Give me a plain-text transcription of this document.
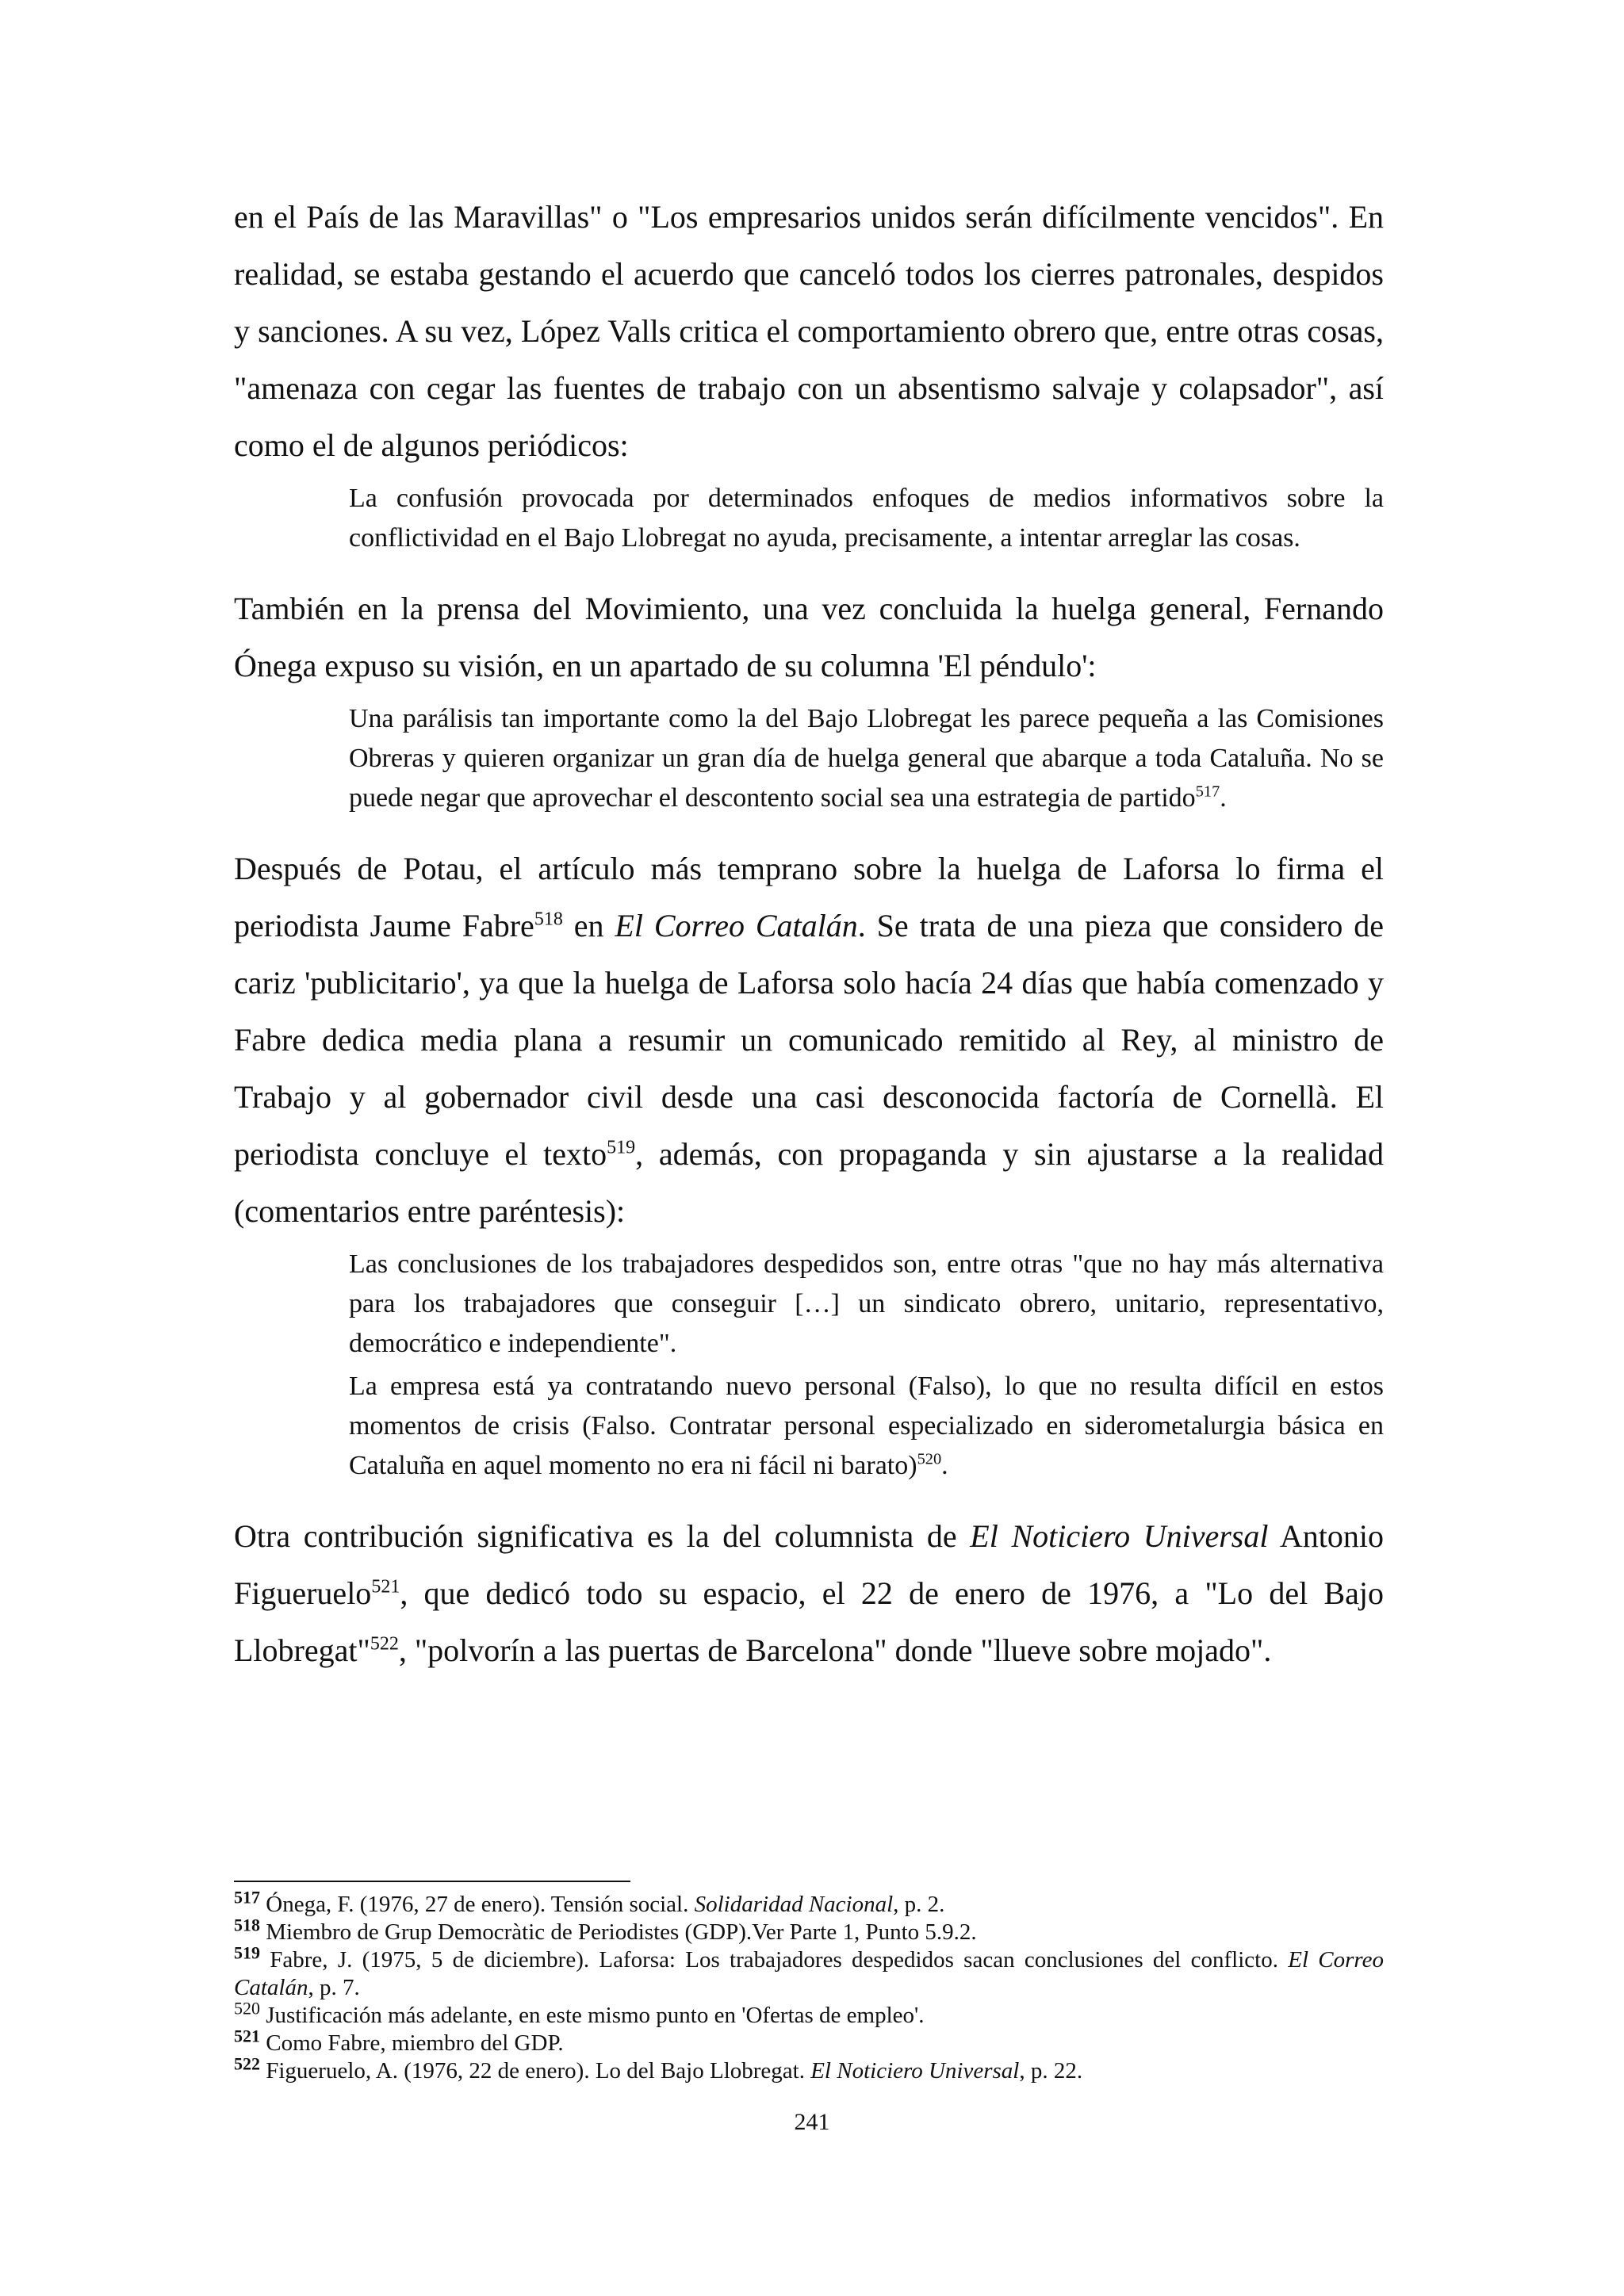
en el País de las Maravillas" o "Los empresarios unidos serán difícilmente vencidos". En realidad, se estaba gestando el acuerdo que canceló todos los cierres patronales, despidos y sanciones. A su vez, López Valls critica el comportamiento obrero que, entre otras cosas, "amenaza con cegar las fuentes de trabajo con un absentismo salvaje y colapsador", así como el de algunos periódicos:

La confusión provocada por determinados enfoques de medios informativos sobre la conflictividad en el Bajo Llobregat no ayuda, precisamente, a intentar arreglar las cosas.

También en la prensa del Movimiento, una vez concluida la huelga general, Fernando Ónega expuso su visión, en un apartado de su columna 'El péndulo':

Una parálisis tan importante como la del Bajo Llobregat les parece pequeña a las Comisiones Obreras y quieren organizar un gran día de huelga general que abarque a toda Cataluña. No se puede negar que aprovechar el descontento social sea una estrategia de partido$^{517}$.

Después de Potau, el artículo más temprano sobre la huelga de Laforsa lo firma el periodista Jaume Fabre$^{518}$ en El Correo Catalán. Se trata de una pieza que considero de cariz 'publicitario', ya que la huelga de Laforsa solo hacía 24 días que había comenzado y Fabre dedica media plana a resumir un comunicado remitido al Rey, al ministro de Trabajo y al gobernador civil desde una casi desconocida factoría de Cornellà. El periodista concluye el texto$^{519}$, además, con propaganda y sin ajustarse a la realidad (comentarios entre paréntesis):

Las conclusiones de los trabajadores despedidos son, entre otras "que no hay más alternativa para los trabajadores que conseguir […] un sindicato obrero, unitario, representativo, democrático e independiente".

La empresa está ya contratando nuevo personal (Falso), lo que no resulta difícil en estos momentos de crisis (Falso. Contratar personal especializado en siderometalurgia básica en Cataluña en aquel momento no era ni fácil ni barato)$^{520}$.

Otra contribución significativa es la del columnista de El Noticiero Universal Antonio Figueruelo$^{521}$, que dedicó todo su espacio, el 22 de enero de 1976, a "Lo del Bajo Llobregat"$^{522}$, "polvorín a las puertas de Barcelona" donde "llueve sobre mojado".

$^{517}$ Ónega, F. (1976, 27 de enero). Tensión social. Solidaridad Nacional, p. 2.

$^{518}$ Miembro de Grup Democràtic de Periodistes (GDP).Ver Parte 1, Punto 5.9.2.

$^{519}$ Fabre, J. (1975, 5 de diciembre). Laforsa: Los trabajadores despedidos sacan conclusiones del conflicto. El Correo Catalán, p. 7.

$^{520}$ Justificación más adelante, en este mismo punto en 'Ofertas de empleo'.

$^{521}$ Como Fabre, miembro del GDP.

$^{522}$ Figueruelo, A. (1976, 22 de enero). Lo del Bajo Llobregat. El Noticiero Universal, p. 22.

241
